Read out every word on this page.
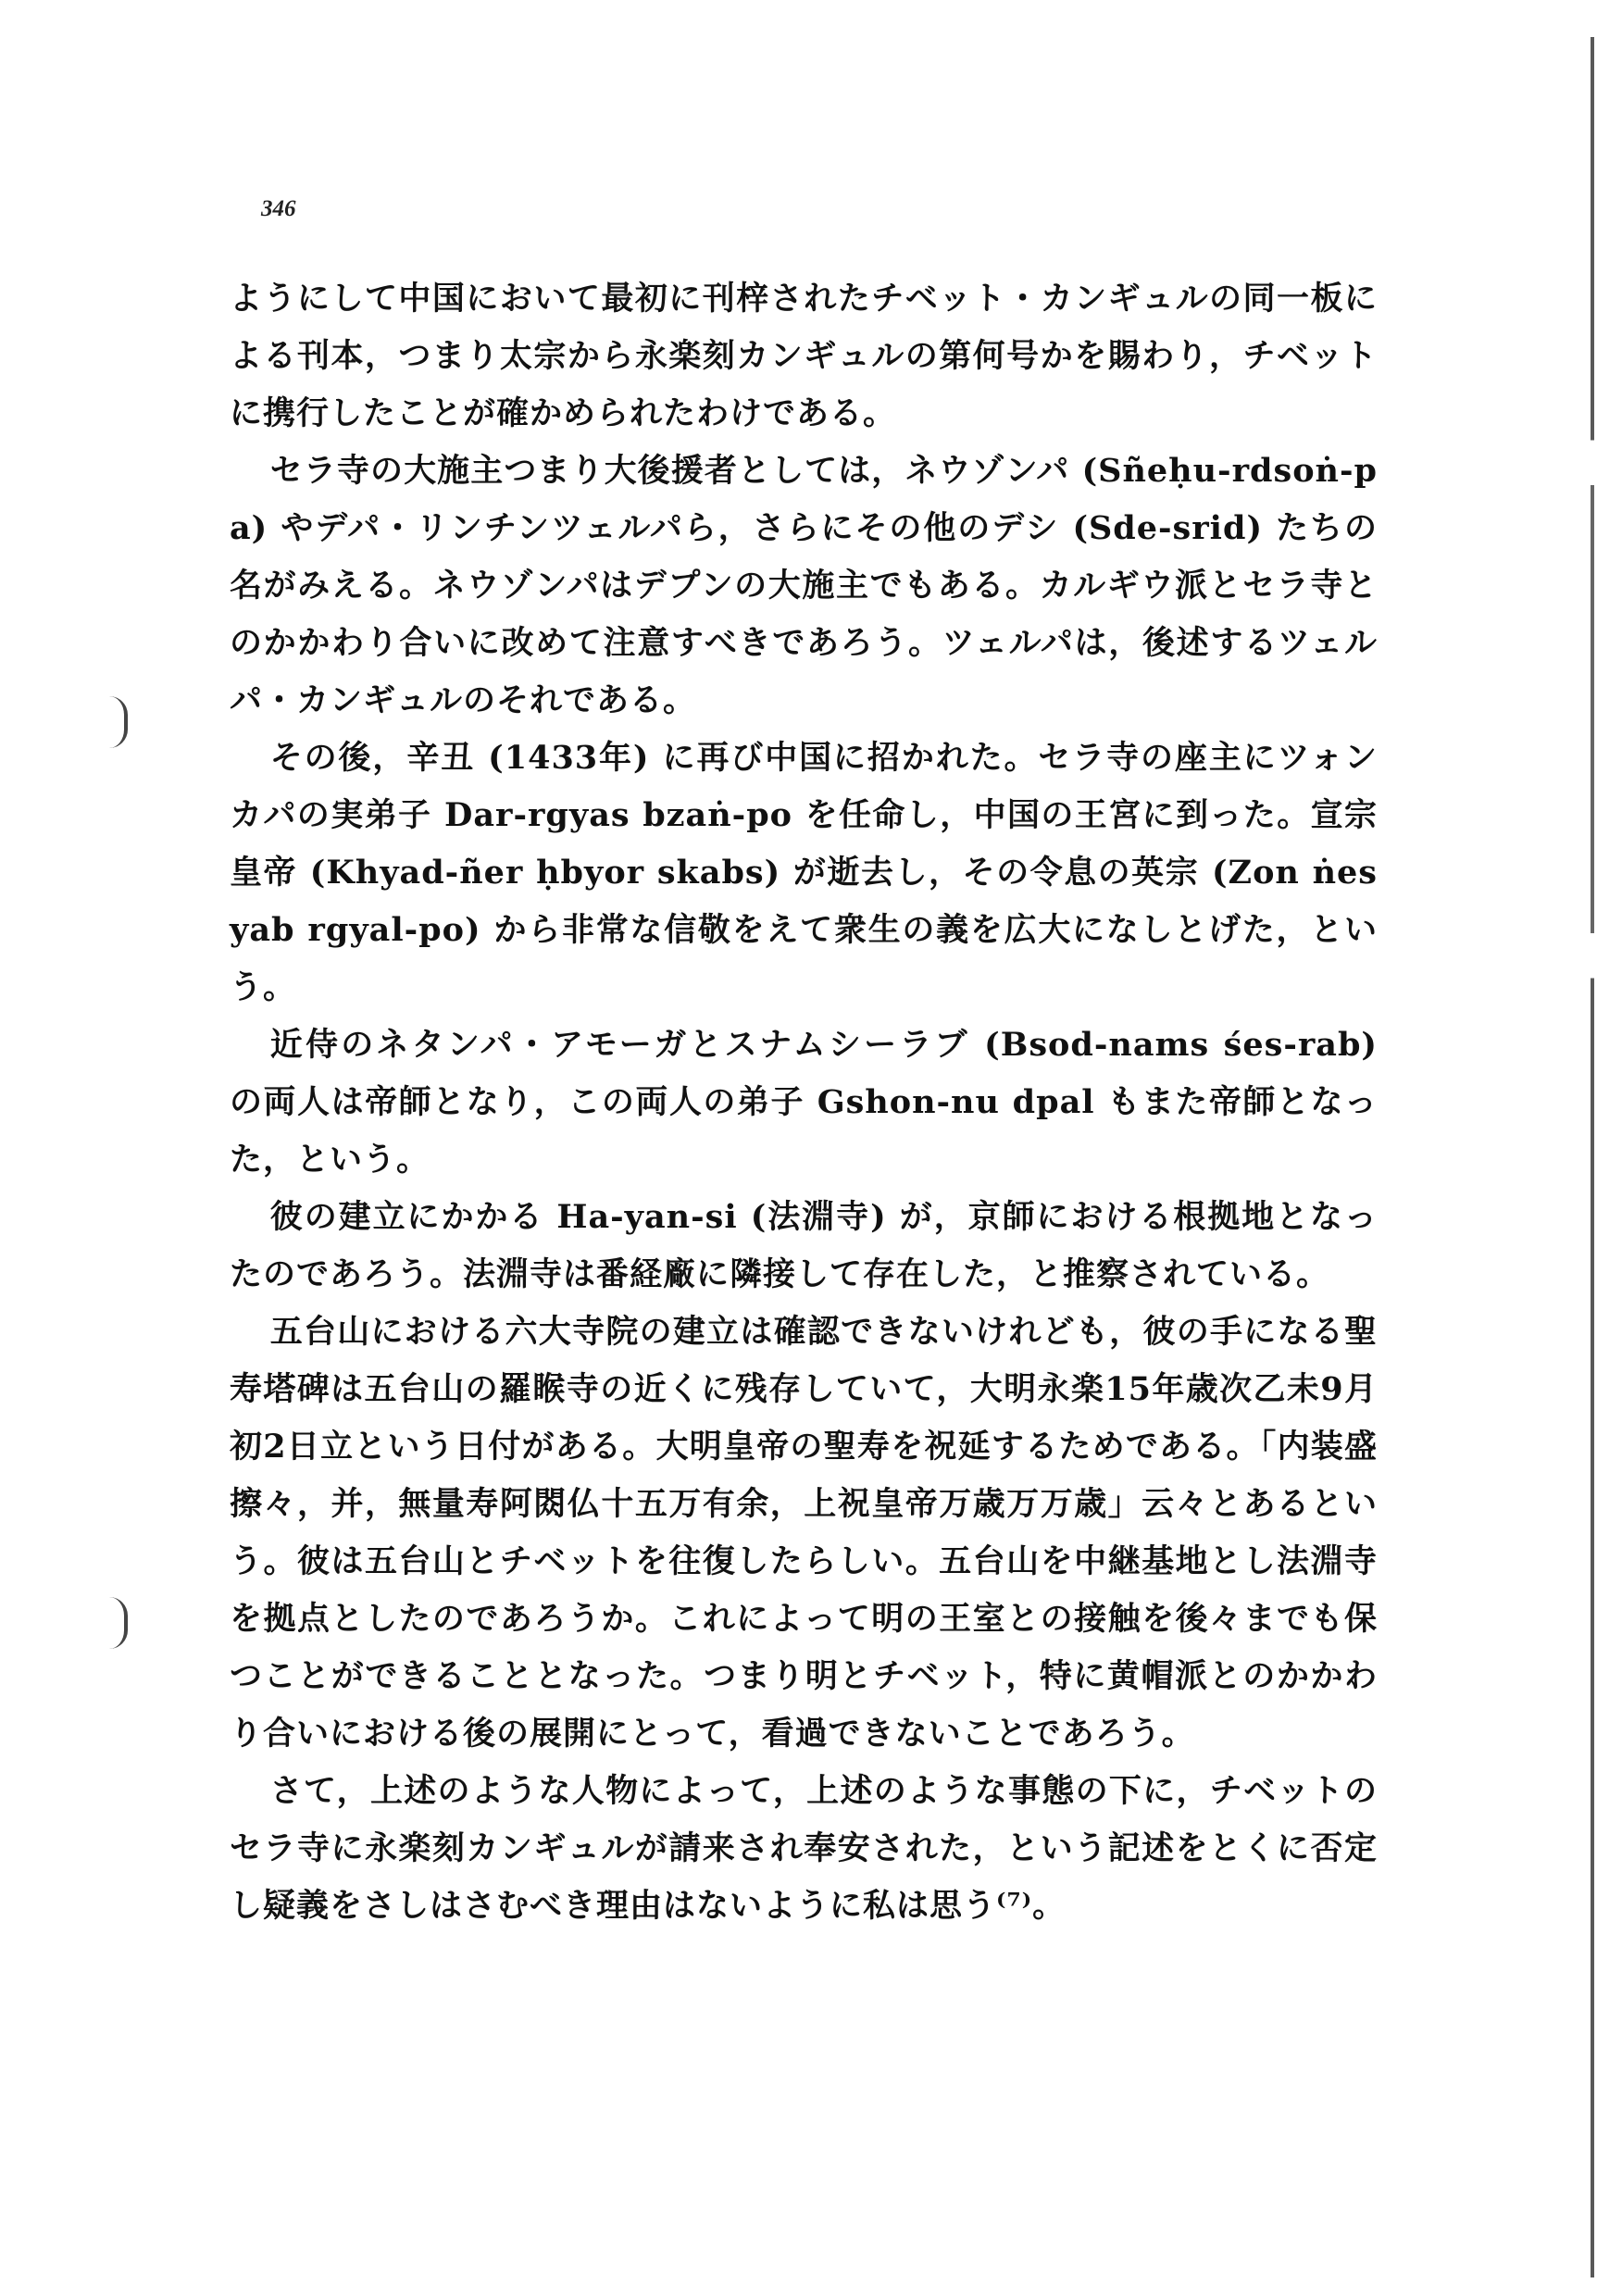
346

ようにして中国において最初に刊梓されたチベット・カンギュルの同一板による刊本，つまり太宗から永楽刻カンギュルの第何号かを賜わり，チベットに携行したことが確かめられたわけである。

セラ寺の大施主つまり大後援者としては，ネウゾンパ (Sñeḥu-rdsoṅ-pa) やデパ・リンチンツェルパら，さらにその他のデシ (Sde-srid) たちの名がみえる。ネウゾンパはデプンの大施主でもある。カルギウ派とセラ寺とのかかわり合いに改めて注意すべきであろう。ツェルパは，後述するツェルパ・カンギュルのそれである。

その後，辛丑 (1433年) に再び中国に招かれた。セラ寺の座主にツォンカパの実弟子 Dar-rgyas bzaṅ-po を任命し，中国の王宮に到った。宣宗皇帝 (Khyad-ñer ḥbyor skabs) が逝去し，その令息の英宗 (Zon ṅes yab rgyal-po) から非常な信敬をえて衆生の義を広大になしとげた，という。

近侍のネタンパ・アモーガとスナムシーラブ (Bsod-nams śes-rab) の両人は帝師となり，この両人の弟子 Gshon-nu dpal もまた帝師となった，という。

彼の建立にかかる Ha-yan-si (法淵寺) が，京師における根拠地となったのであろう。法淵寺は番経廠に隣接して存在した，と推察されている。

五台山における六大寺院の建立は確認できないけれども，彼の手になる聖寿塔碑は五台山の羅睺寺の近くに残存していて，大明永楽15年歳次乙未9月初2日立という日付がある。大明皇帝の聖寿を祝延するためである。「内装盛擦々，并，無量寿阿閦仏十五万有余，上祝皇帝万歳万万歳」云々とあるという。彼は五台山とチベットを往復したらしい。五台山を中継基地とし法淵寺を拠点としたのであろうか。これによって明の王室との接触を後々までも保つことができることとなった。つまり明とチベット，特に黄帽派とのかかわり合いにおける後の展開にとって，看過できないことであろう。

さて，上述のような人物によって，上述のような事態の下に，チベットのセラ寺に永楽刻カンギュルが請来され奉安された，という記述をとくに否定し疑義をさしはさむべき理由はないように私は思う⁽⁷⁾。
